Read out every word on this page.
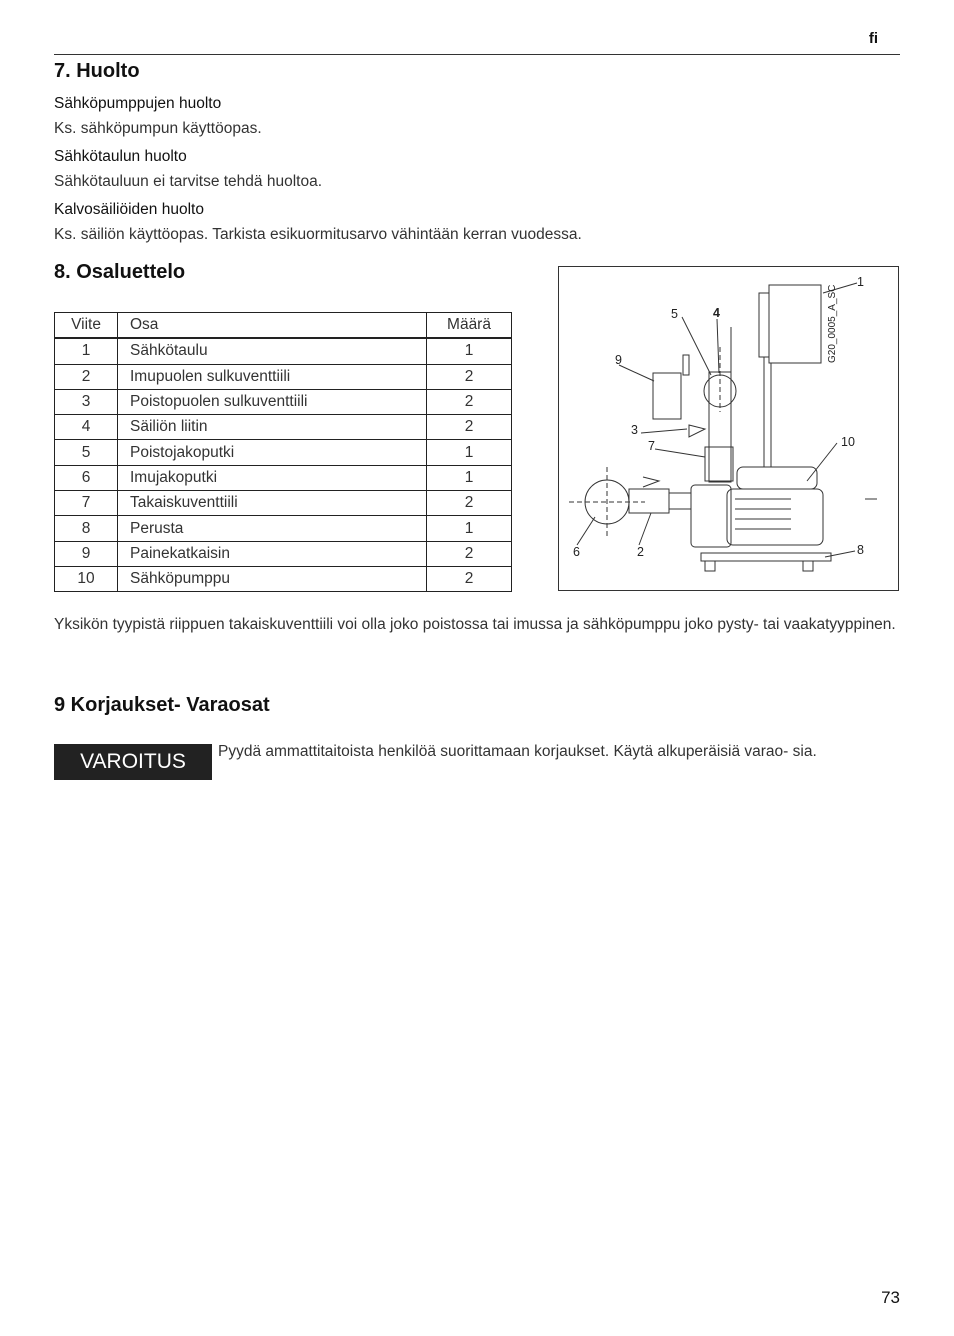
fi
7. Huolto
Sähköpumppujen huolto
Ks. sähköpumpun käyttöopas.
Sähkötaulun huolto
Sähkötauluun ei tarvitse tehdä huoltoa.
Kalvosäiliöiden huolto
Ks. säiliön käyttöopas. Tarkista esikuormitusarvo vähintään kerran vuodessa.
8. Osaluettelo
Viite	Osa	Määrä
1	Sähkötaulu	1
2	Imupuolen sulkuventtiili	2
3	Poistopuolen sulkuventtiili	2
4	Säiliön liitin	2
5	Poistojakoputki	1
6	Imujakoputki	1
7	Takaiskuventtiili	2
8	Perusta	1
9	Painekatkaisin	2
10	Sähköpumppu	2
1
5	4
9
3
7	10
6	2	8
G20_0005_A_SC
Yksikön tyypistä riippuen takaiskuventtiili voi olla joko poistossa tai imussa ja sähköpumppu joko pysty- tai vaakatyyppinen.
9 Korjaukset- Varaosat
VAROITUS	Pyydä ammattitaitoista henkilöä suorittamaan korjaukset. Käytä alkuperäisiä varao- sia.
73
